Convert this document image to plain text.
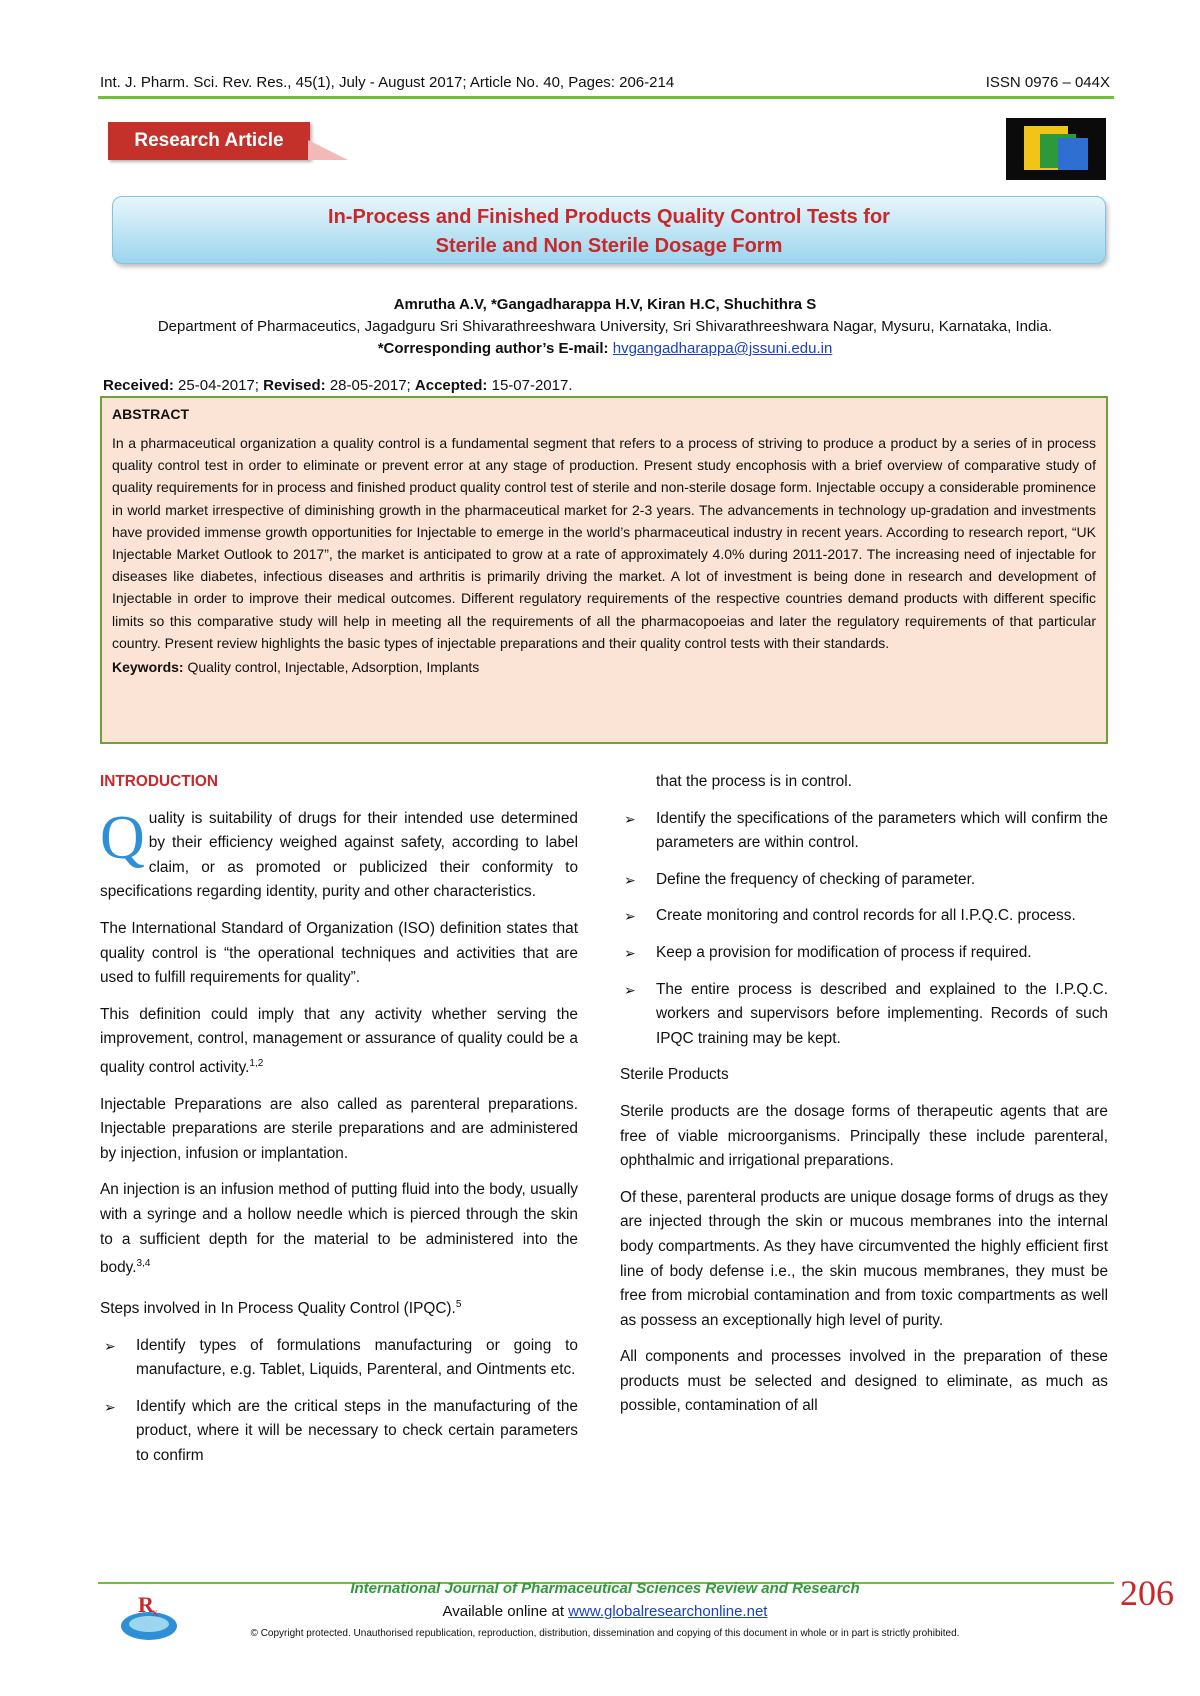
Int. J. Pharm. Sci. Rev. Res., 45(1), July - August 2017; Article No. 40, Pages: 206-214	ISSN 0976 – 044X
Research Article
In-Process and Finished Products Quality Control Tests for
Sterile and Non Sterile Dosage Form
Amrutha A.V, *Gangadharappa H.V, Kiran H.C, Shuchithra S
Department of Pharmaceutics, Jagadguru Sri Shivarathreeshwara University, Sri Shivarathreeshwara Nagar, Mysuru, Karnataka, India.
*Corresponding author’s E-mail: hvgangadharappa@jssuni.edu.in
Received: 25-04-2017; Revised: 28-05-2017; Accepted: 15-07-2017.
ABSTRACT
In a pharmaceutical organization a quality control is a fundamental segment that refers to a process of striving to produce a product by a series of in process quality control test in order to eliminate or prevent error at any stage of production. Present study encophosis with a brief overview of comparative study of quality requirements for in process and finished product quality control test of sterile and non-sterile dosage form. Injectable occupy a considerable prominence in world market irrespective of diminishing growth in the pharmaceutical market for 2-3 years. The advancements in technology up-gradation and investments have provided immense growth opportunities for Injectable to emerge in the world’s pharmaceutical industry in recent years. According to research report, “UK Injectable Market Outlook to 2017”, the market is anticipated to grow at a rate of approximately 4.0% during 2011-2017. The increasing need of injectable for diseases like diabetes, infectious diseases and arthritis is primarily driving the market. A lot of investment is being done in research and development of Injectable in order to improve their medical outcomes. Different regulatory requirements of the respective countries demand products with different specific limits so this comparative study will help in meeting all the requirements of all the pharmacopoeias and later the regulatory requirements of that particular country. Present review highlights the basic types of injectable preparations and their quality control tests with their standards.
Keywords: Quality control, Injectable, Adsorption, Implants
INTRODUCTION

Quality is suitability of drugs for their intended use determined by their efficiency weighed against safety, according to label claim, or as promoted or publicized their conformity to specifications regarding identity, purity and other characteristics.

The International Standard of Organization (ISO) definition states that quality control is “the operational techniques and activities that are used to fulfill requirements for quality”.

This definition could imply that any activity whether serving the improvement, control, management or assurance of quality could be a quality control activity.$^{1,2}$

Injectable Preparations are also called as parenteral preparations. Injectable preparations are sterile preparations and are administered by injection, infusion or implantation.

An injection is an infusion method of putting fluid into the body, usually with a syringe and a hollow needle which is pierced through the skin to a sufficient depth for the material to be administered into the body.$^{3,4}$

Steps involved in In Process Quality Control (IPQC).$^5$

➢ Identify types of formulations manufacturing or going to manufacture, e.g. Tablet, Liquids, Parenteral, and Ointments etc.
➢ Identify which are the critical steps in the manufacturing of the product, where it will be necessary to check certain parameters to confirm
that the process is in control.
➢ Identify the specifications of the parameters which will confirm the parameters are within control.
➢ Define the frequency of checking of parameter.
➢ Create monitoring and control records for all I.P.Q.C. process.
➢ Keep a provision for modification of process if required.
➢ The entire process is described and explained to the I.P.Q.C. workers and supervisors before implementing. Records of such IPQC training may be kept.

Sterile Products

Sterile products are the dosage forms of therapeutic agents that are free of viable microorganisms. Principally these include parenteral, ophthalmic and irrigational preparations.

Of these, parenteral products are unique dosage forms of drugs as they are injected through the skin or mucous membranes into the internal body compartments. As they have circumvented the highly efficient first line of body defense i.e., the skin mucous membranes, they must be free from microbial contamination and from toxic compartments as well as possess an exceptionally high level of purity.

All components and processes involved in the preparation of these products must be selected and designed to eliminate, as much as possible, contamination of all

R
x
International Journal of Pharmaceutical Sciences Review and Research
Available online at www.globalresearchonline.net
© Copyright protected. Unauthorised republication, reproduction, distribution, dissemination and copying of this document in whole or in part is strictly prohibited.
206
